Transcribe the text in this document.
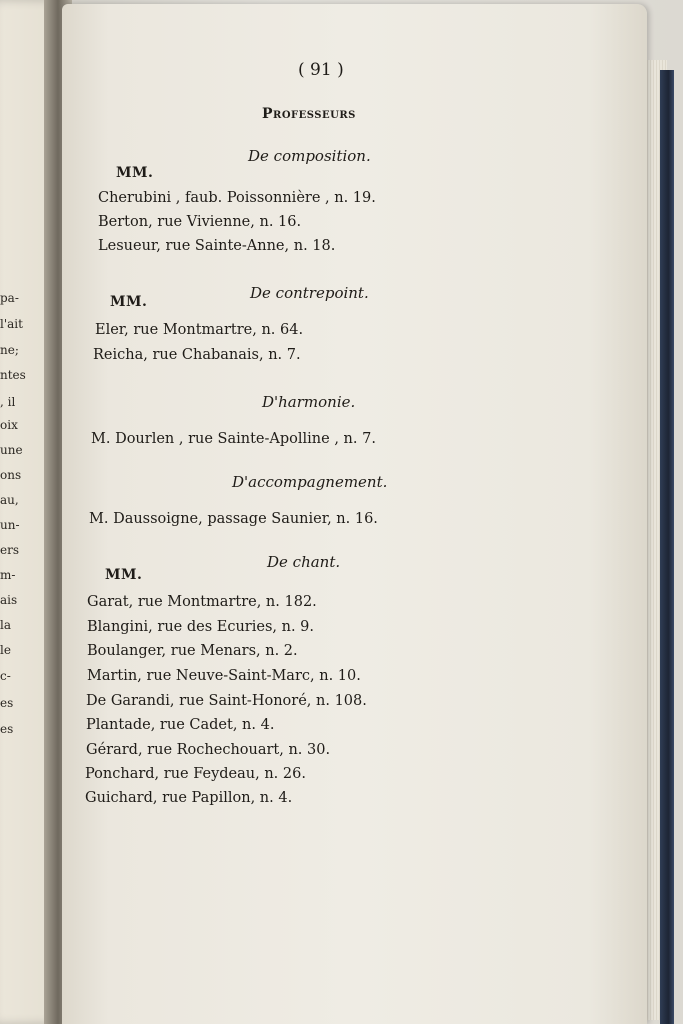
pa-
l'ait
ne;
ntes
, il
oix
une
ons
au,
un-
ers
m-
ais
la
le
c-
es
es
( 91 )
Professeurs
De composition.
MM.
Cherubini , faub. Poissonnière , n. 19.
Berton, rue Vivienne, n. 16.
Lesueur, rue Sainte-Anne, n. 18.
De contrepoint.
MM.
Eler, rue Montmartre, n. 64.
Reicha, rue Chabanais, n. 7.
D'harmonie.
M. Dourlen , rue Sainte-Apolline , n. 7.
D'accompagnement.
M. Daussoigne, passage Saunier, n. 16.
De chant.
MM.
Garat, rue Montmartre, n. 182.
Blangini, rue des Ecuries, n. 9.
Boulanger, rue Menars, n. 2.
Martin, rue Neuve-Saint-Marc, n. 10.
De Garandi, rue Saint-Honoré, n. 108.
Plantade, rue Cadet, n. 4.
Gérard, rue Rochechouart, n. 30.
Ponchard, rue Feydeau, n. 26.
Guichard, rue Papillon, n. 4.
